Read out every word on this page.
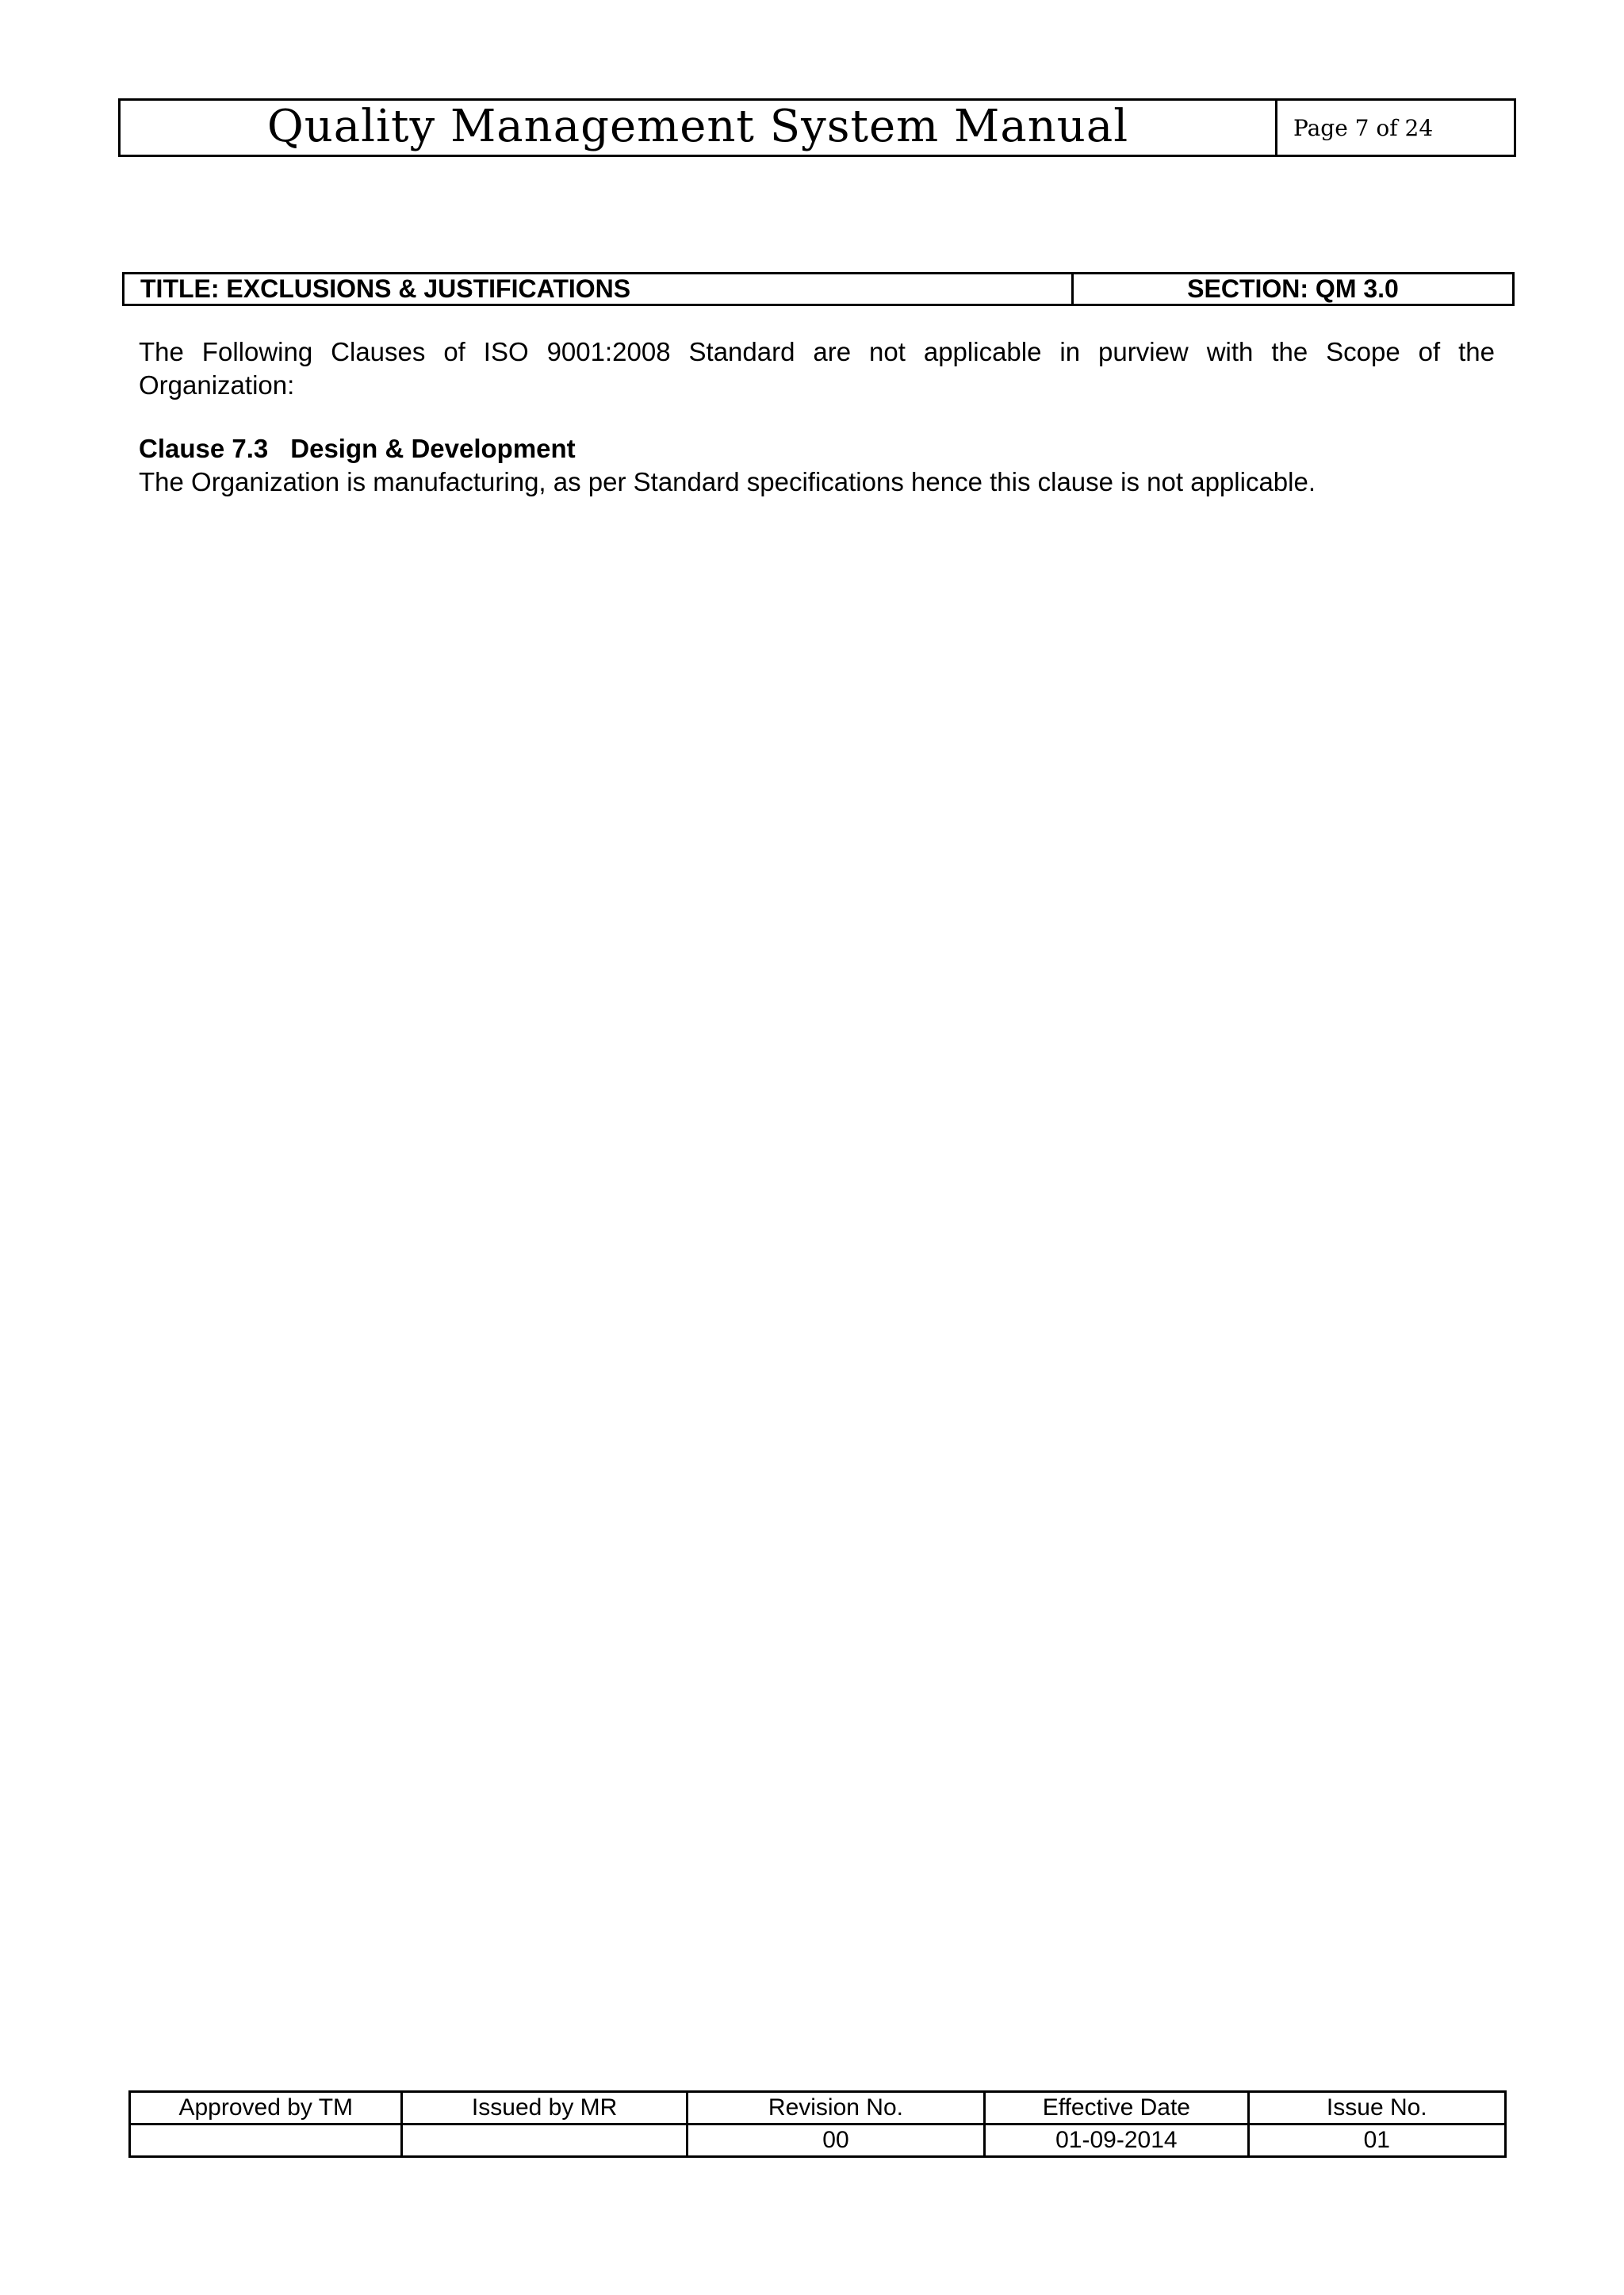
Quality Management System Manual	Page 7 of 24
TITLE: EXCLUSIONS & JUSTIFICATIONS	SECTION: QM 3.0

The Following Clauses of ISO 9001:2008 Standard are not applicable in purview with the Scope of the Organization:

Clause 7.3 Design & Development

The Organization is manufacturing, as per Standard specifications hence this clause is not applicable.

Approved by TM	Issued by MR	Revision No.	Effective Date	Issue No.
		00	01-09-2014	01
